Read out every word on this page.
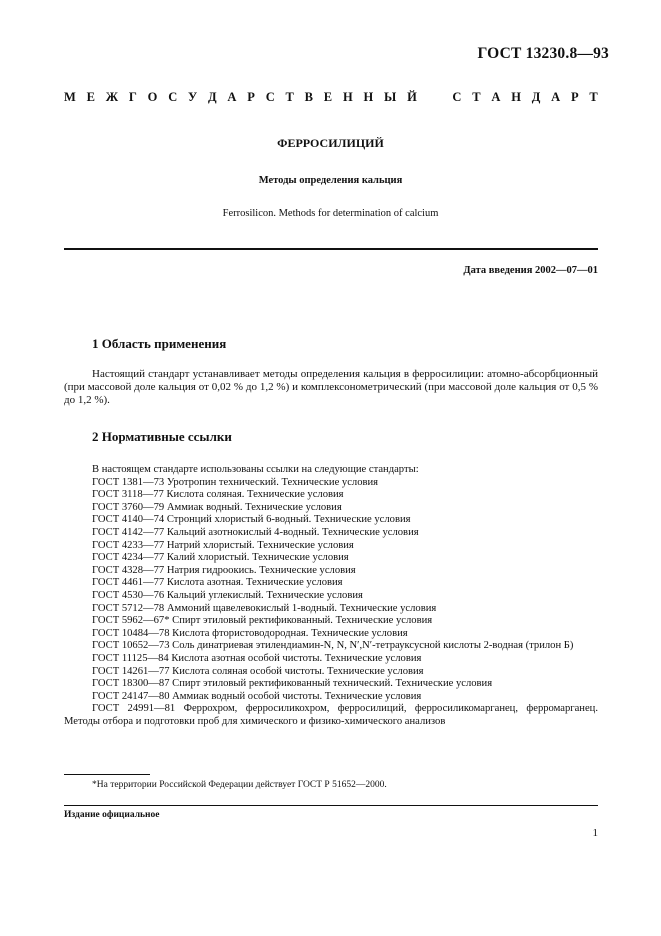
ГОСТ 13230.8—93
М Е Ж Г О С У Д А Р С Т В Е Н Н Ы Й	С Т А Н Д А Р Т
ФЕРРОСИЛИЦИЙ
Методы определения кальция
Ferrosilicon. Methods for determination of calcium
Дата введения 2002—07—01
1 Область применения
Настоящий стандарт устанавливает методы определения кальция в ферросилиции: атомно-абсорбционный (при массовой доле кальция от 0,02 % до 1,2 %) и комплексонометрический (при массовой доле кальция от 0,5 % до 1,2 %).
2 Нормативные ссылки
В настоящем стандарте использованы ссылки на следующие стандарты:
ГОСТ 1381—73 Уротропин технический. Технические условия
ГОСТ 3118—77 Кислота соляная. Технические условия
ГОСТ 3760—79 Аммиак водный. Технические условия
ГОСТ 4140—74 Стронций хлористый 6-водный. Технические условия
ГОСТ 4142—77 Кальций азотнокислый 4-водный. Технические условия
ГОСТ 4233—77 Натрий хлористый. Технические условия
ГОСТ 4234—77 Калий хлористый. Технические условия
ГОСТ 4328—77 Натрия гидроокись. Технические условия
ГОСТ 4461—77 Кислота азотная. Технические условия
ГОСТ 4530—76 Кальций углекислый. Технические условия
ГОСТ 5712—78 Аммоний щавелевокислый 1-водный. Технические условия
ГОСТ 5962—67* Спирт этиловый ректификованный. Технические условия
ГОСТ 10484—78 Кислота фтористоводородная. Технические условия
ГОСТ 10652—73 Соль динатриевая этилендиамин-N, N, N′,N′-тетрауксусной кислоты 2-водная (трилон Б)
ГОСТ 11125—84 Кислота азотная особой чистоты. Технические условия
ГОСТ 14261—77 Кислота соляная особой чистоты. Технические условия
ГОСТ 18300—87 Спирт этиловый ректификованный технический. Технические условия
ГОСТ 24147—80 Аммиак водный особой чистоты. Технические условия
ГОСТ 24991—81 Феррохром, ферросиликохром, ферросилиций, ферросиликомарганец, ферромарганец. Методы отбора и подготовки проб для химического и физико-химического анализов
*На территории Российской Федерации действует ГОСТ Р 51652—2000.
Издание официальное
1
